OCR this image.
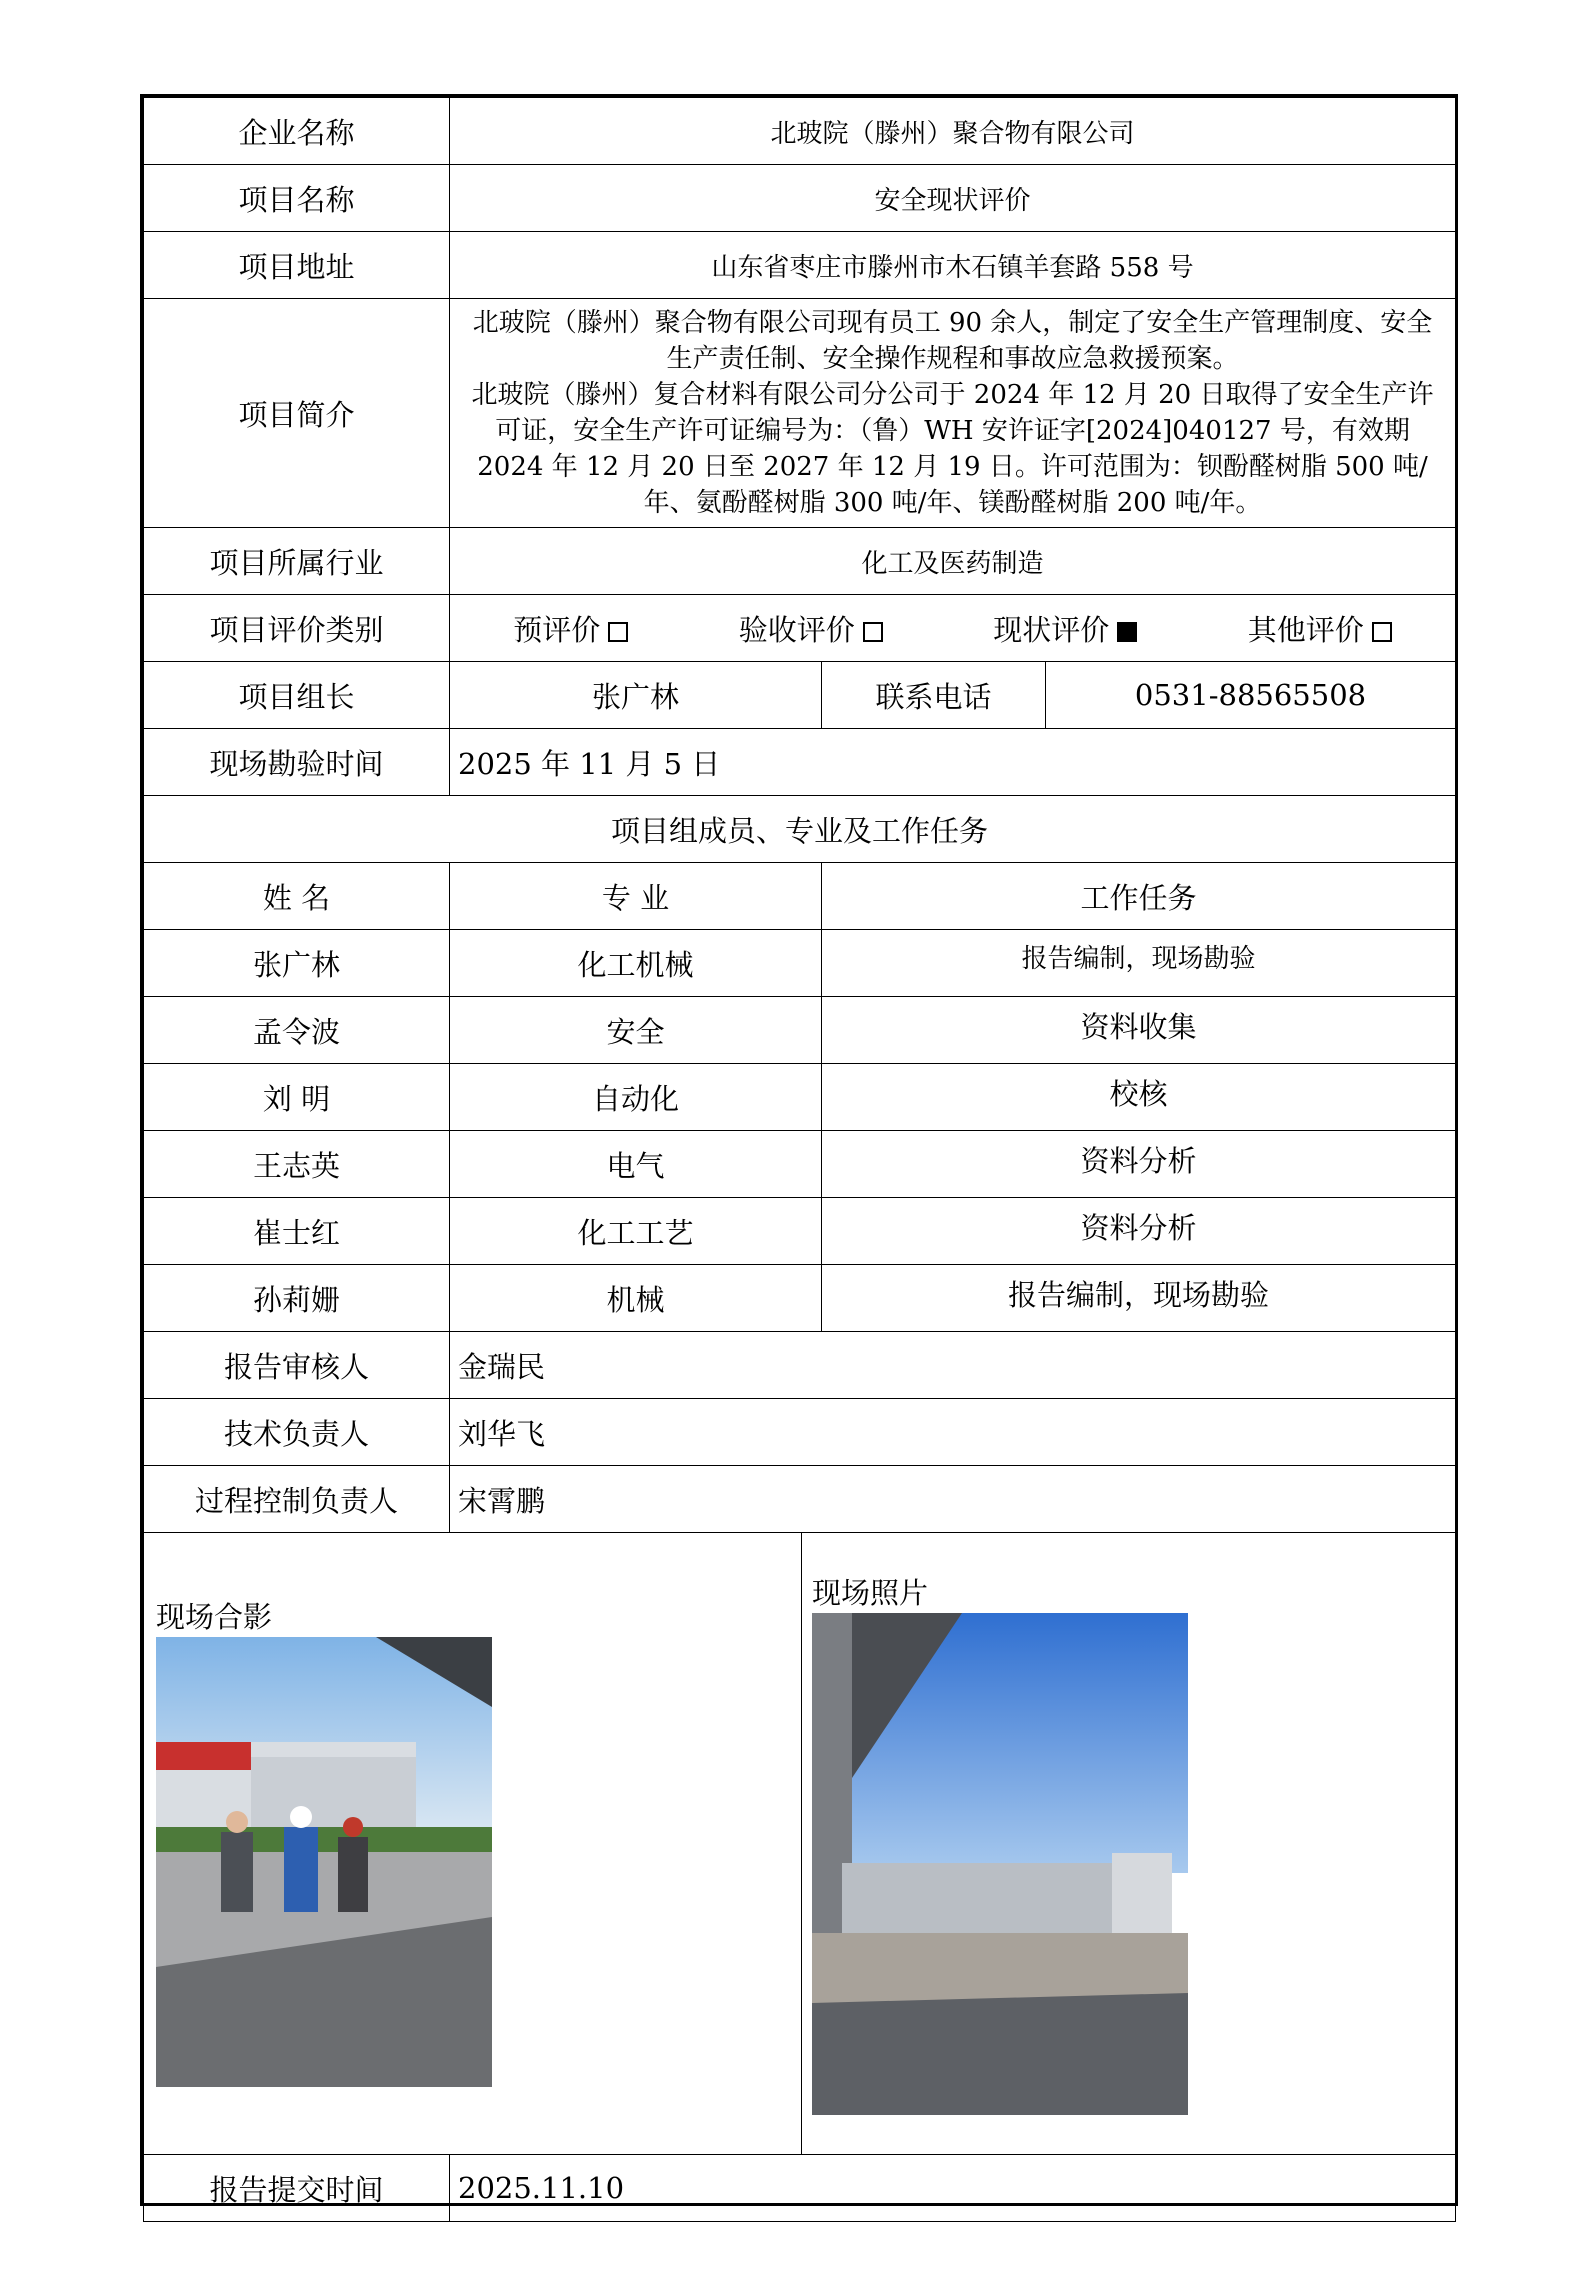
企业名称	北玻院（滕州）聚合物有限公司		
项目名称	安全现状评价		
项目地址	山东省枣庄市滕州市木石镇羊套路 558 号		
项目简介	北玻院（滕州）聚合物有限公司现有员工 90 余人，制定了安全生产管理制度、安全生产责任制、安全操作规程和事故应急救援预案。

北玻院（滕州）复合材料有限公司分公司于 2024 年 12 月 20 日取得了安全生产许可证，安全生产许可证编号为：（鲁）WH 安许证字[2024]040127 号，有效期 2024 年 12 月 20 日至 2027 年 12 月 19 日。许可范围为：钡酚醛树脂 500 吨/年、氨酚醛树脂 300 吨/年、镁酚醛树脂 200 吨/年。		

项目所属行业	化工及医药制造		
项目评价类别	预评价 验收评价 现状评价 其他评价		

项目组长	张广林	联系电话	0531-88565508
现场勘验时间	2025 年 11 月 5 日		
项目组成员、专业及工作任务			
姓 名	专 业	工作任务	
张广林	化工机械	报告编制，现场勘验	
孟令波	安全	资料收集	
刘 明	自动化	校核	
王志英	电气	资料分析	
崔士红	化工工艺	资料分析	
孙莉姗	机械	报告编制，现场勘验	
报告审核人	金瑞民		
技术负责人	刘华飞		
过程控制负责人	宋霄鹏		

现场合影
现场照片			

报告提交时间	2025.11.10		
